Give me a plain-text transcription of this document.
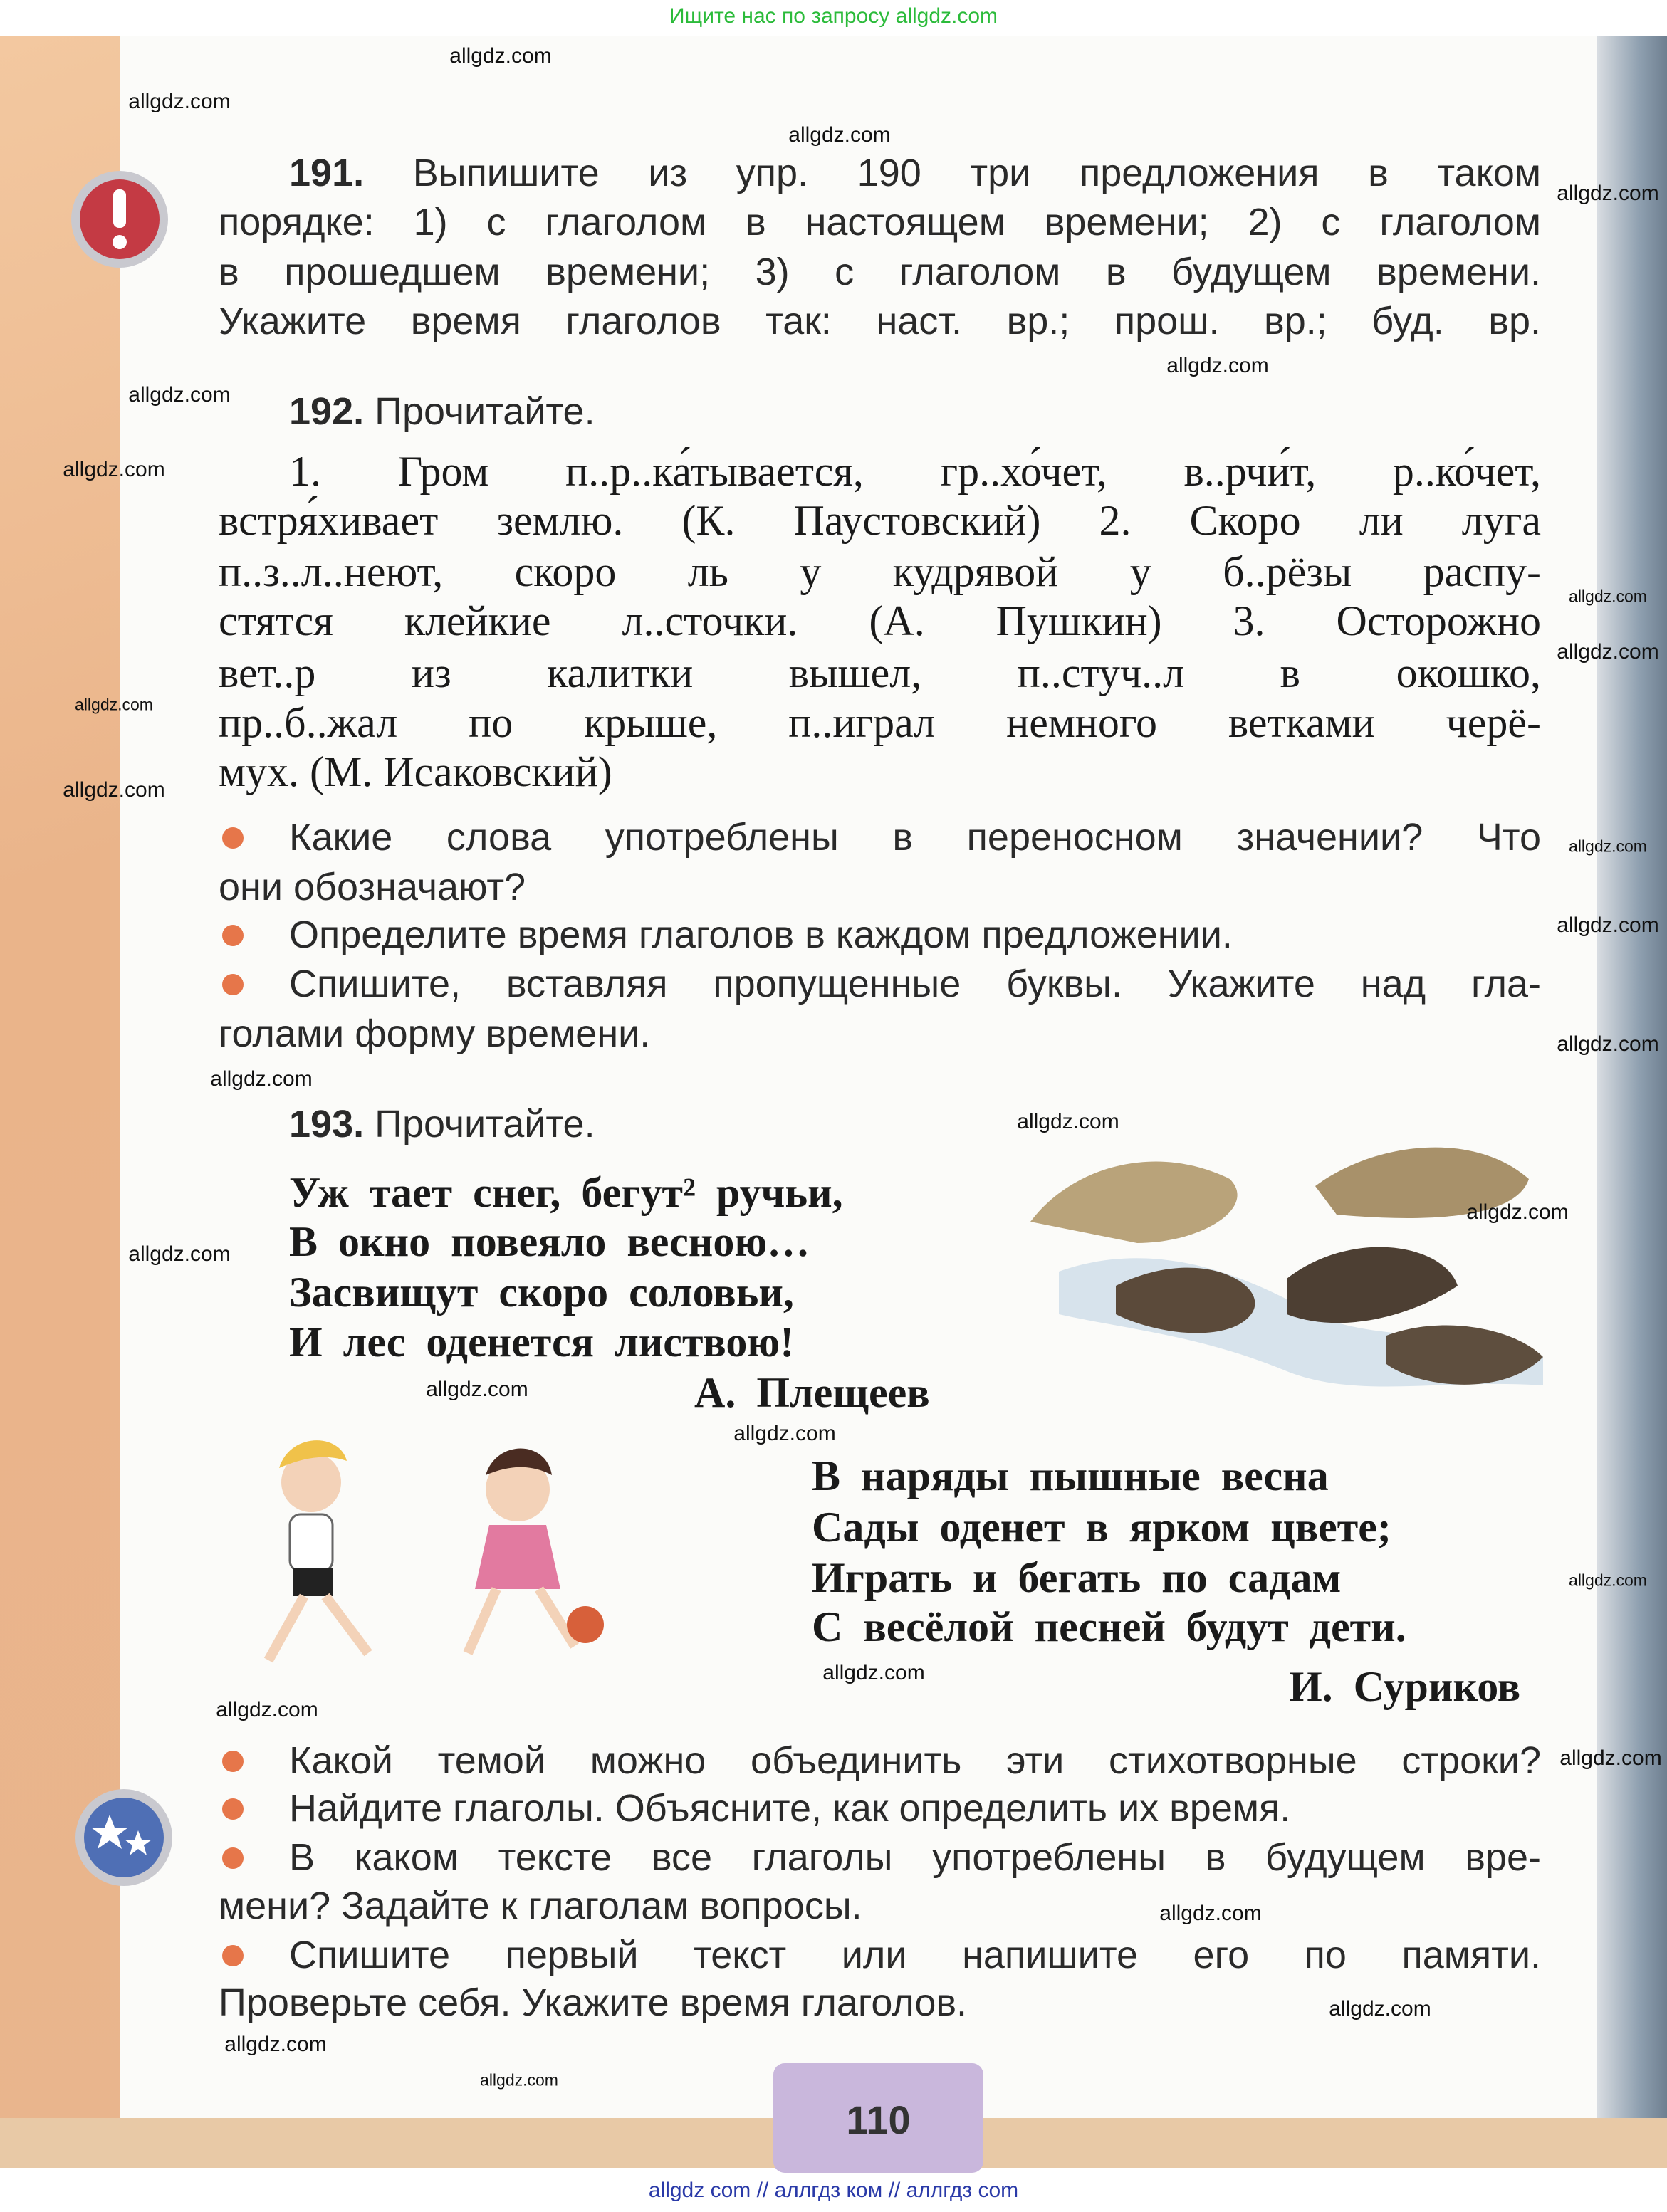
Ищите нас по запросу allgdz.com
191. Выпишите из упр. 190 три предложения в таком
порядке: 1) с глаголом в настоящем времени; 2) с глаголом
в прошедшем времени; 3) с глаголом в будущем времени.
Укажите время глаголов так: наст. вр.; прош. вр.; буд. вр.
192. Прочитайте.
1. Гром п..р..ка́тывается, гр..хо́чет, в..рчи́т, р..ко́чет,
встря́хивает землю. (К. Паустовский) 2. Скоро ли луга
п..з..л..неют, скоро ль у кудрявой у б..рёзы распу-
стятся клейкие л..сточки. (А. Пушкин) 3. Осторожно
вет..р из калитки вышел, п..стуч..л в окошко,
пр..б..жал по крыше, п..играл немного ветками черё-
мух. (М. Исаковский)
Какие слова употреблены в переносном значении? Что
они обозначают?
Определите время глаголов в каждом предложении.
Спишите, вставляя пропущенные буквы. Укажите над гла-
голами форму времени.
193. Прочитайте.
Уж тает снег, бегут² ручьи,
В окно повеяло весною…
Засвищут скоро соловьи,
И лес оденется листвою!
А. Плещеев
В наряды пышные весна
Сады оденет в ярком цвете;
Играть и бегать по садам
С весёлой песней будут дети.
И. Суриков
Какой темой можно объединить эти стихотворные строки?
Найдите глаголы. Объясните, как определить их время.
В каком тексте все глаголы употреблены в будущем вре-
мени? Задайте к глаголам вопросы.
Спишите первый текст или напишите его по памяти.
Проверьте себя. Укажите время глаголов.
110
allgdz com // аллгдз ком // аллгдз com
allgdz.com
allgdz.com
allgdz.com
allgdz.com
allgdz.com
allgdz.com
allgdz.com
allgdz.com
allgdz.com
allgdz.com
allgdz.com
allgdz.com
allgdz.com
allgdz.com
allgdz.com
allgdz.com
allgdz.com
allgdz.com
allgdz.com
allgdz.com
allgdz.com
allgdz.com
allgdz.com
allgdz.com
allgdz.com
allgdz.com
allgdz.com
allgdz.com
